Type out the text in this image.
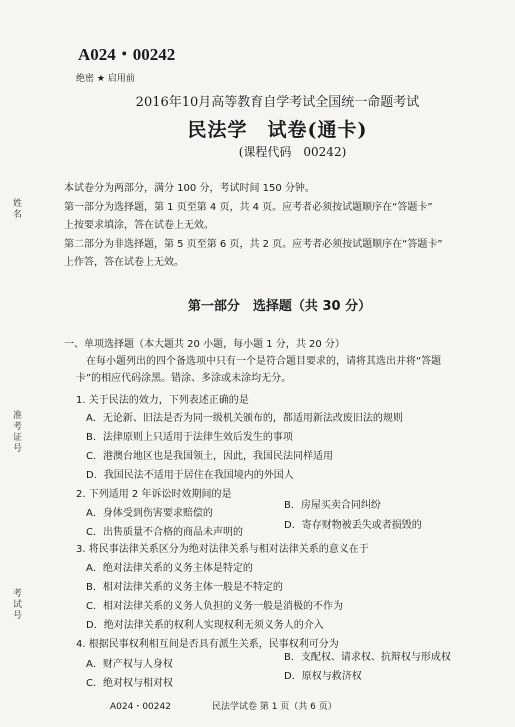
姓名
准考证号
考试号
A024・00242
绝密 ★ 启用前
2016年10月高等教育自学考试全国统一命题考试
民法学　试卷(通卡)
(课程代码　00242)
本试卷分为两部分，满分 100 分，考试时间 150 分钟。
第一部分为选择题，第 1 页至第 4 页，共 4 页。应考者必须按试题顺序在“答题卡”
上按要求填涂，答在试卷上无效。
第二部分为非选择题，第 5 页至第 6 页，共 2 页。应考者必须按试题顺序在“答题卡”
上作答，答在试卷上无效。
第一部分　选择题（共 30 分）
一、单项选择题（本大题共 20 小题，每小题 1 分，共 20 分）
在每小题列出的四个备选项中只有一个是符合题目要求的，请将其选出并将“答题
卡”的相应代码涂黑。错涂、多涂或未涂均无分。
1. 关于民法的效力，下列表述正确的是
A．无论新、旧法是否为同一级机关颁布的，都适用新法改废旧法的规则
B．法律原则上只适用于法律生效后发生的事项
C．港澳台地区也是我国领土，因此，我国民法同样适用
D．我国民法不适用于居住在我国境内的外国人
2. 下列适用 2 年诉讼时效期间的是
A．身体受到伤害要求赔偿的
B．房屋买卖合同纠纷
C．出售质量不合格的商品未声明的
D．寄存财物被丢失或者损毁的
3. 将民事法律关系区分为绝对法律关系与相对法律关系的意义在于
A．绝对法律关系的义务主体是特定的
B．相对法律关系的义务主体一般是不特定的
C．相对法律关系的义务人负担的义务一般是消极的不作为
D．绝对法律关系的权利人实现权利无须义务人的介入
4. 根据民事权利相互间是否具有派生关系，民事权利可分为
A．财产权与人身权
B．支配权、请求权、抗辩权与形成权
C．绝对权与相对权
D．原权与救济权
A024・00242	民法学试卷 第 1 页（共 6 页）
